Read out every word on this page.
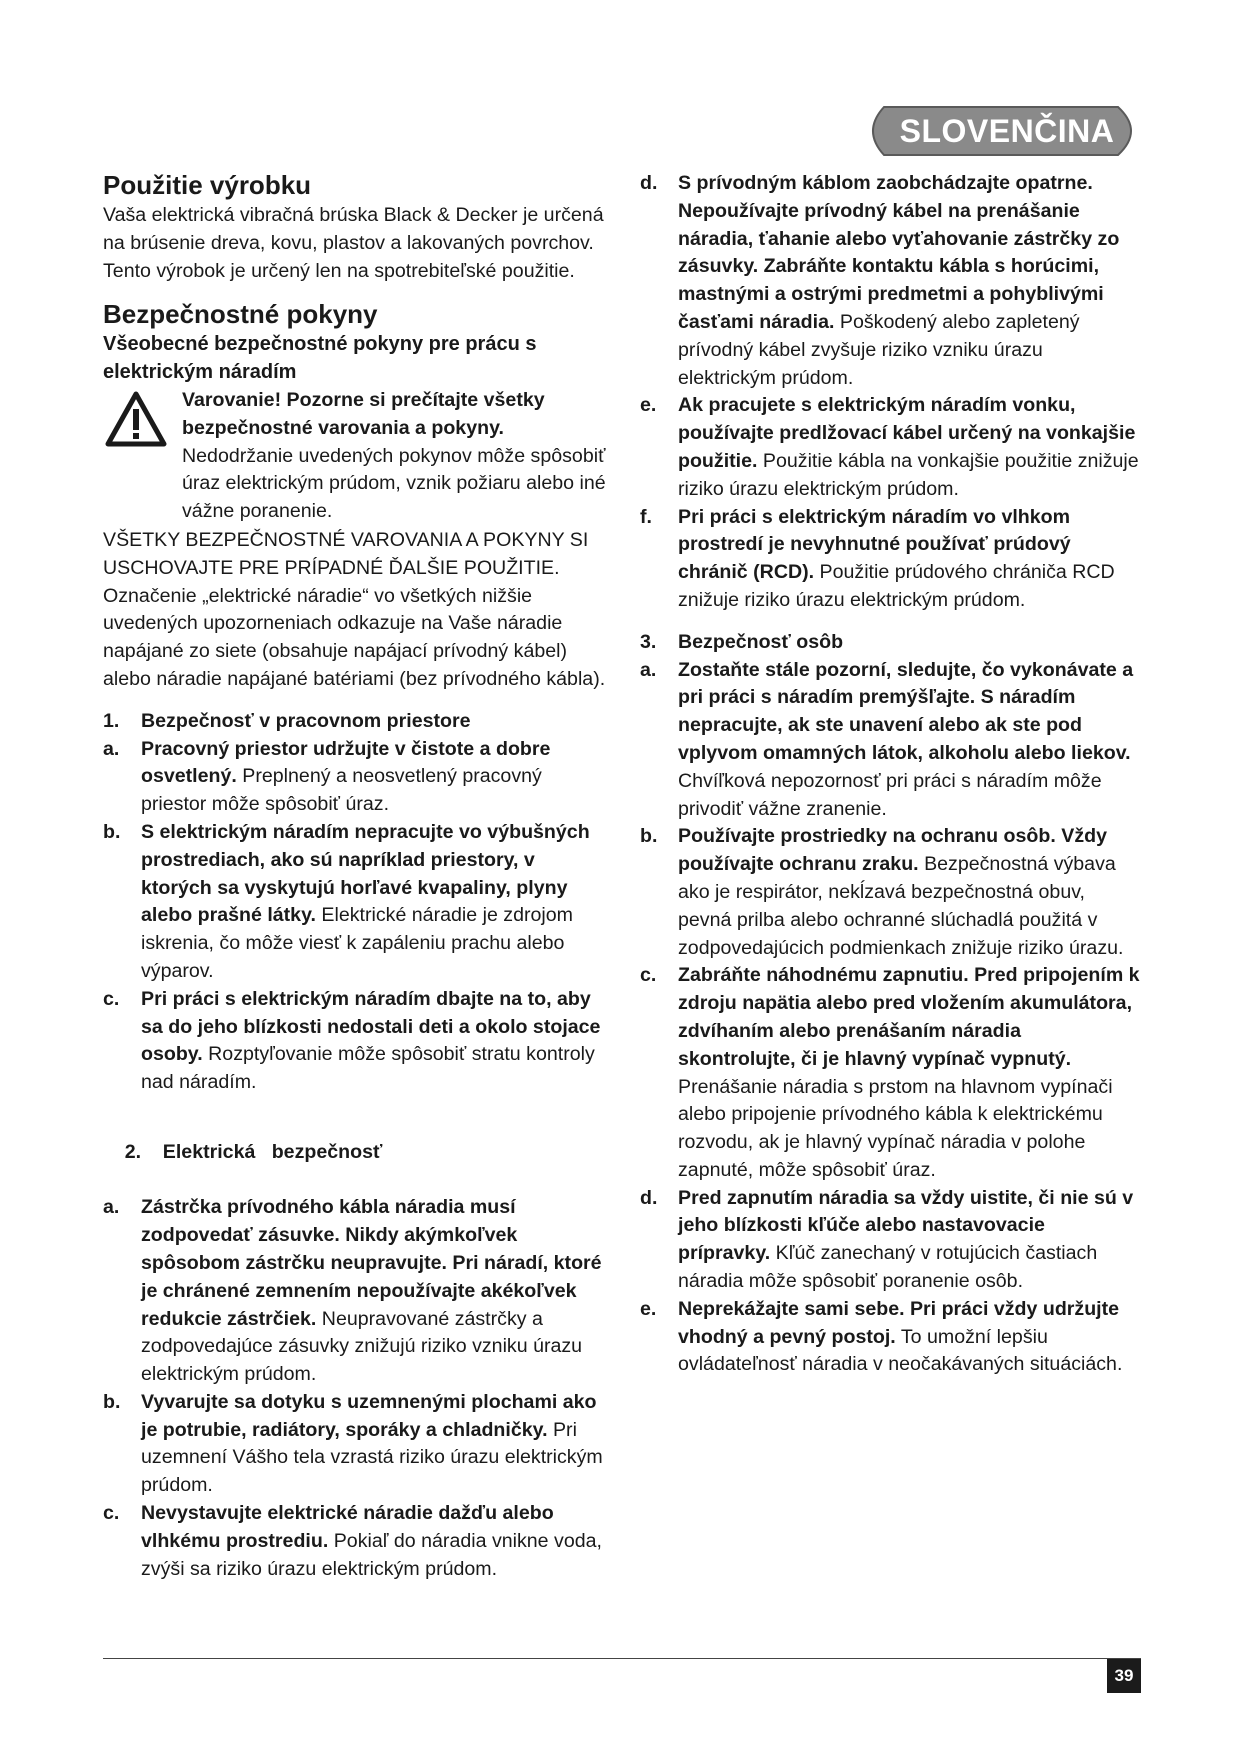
SLOVENČINA
Použitie výrobku

Vaša elektrická vibračná brúska Black & Decker je určená na brúsenie dreva, kovu, plastov a lakovaných povrchov. Tento výrobok je určený len na spotrebiteľské použitie.

Bezpečnostné pokyny

Všeobecné bezpečnostné pokyny pre prácu s elektrickým náradím

Varovanie! Pozorne si prečítajte všetky bezpečnostné varovania a pokyny.

Nedodržanie uvedených pokynov môže spôsobiť úraz elektrickým prúdom, vznik požiaru alebo iné vážne poranenie.

VŠETKY BEZPEČNOSTNÉ VAROVANIA A POKYNY SI USCHOVAJTE PRE PRÍPADNÉ ĎALŠIE POUŽITIE.

Označenie „elektrické náradie“ vo všetkých nižšie uvedených upozorneniach odkazuje na Vaše náradie napájané zo siete (obsahuje napájací prívodný kábel) alebo náradie napájané batériami (bez prívodného kábla).

1. Bezpečnosť v pracovnom priestore
a. Pracovný priestor udržujte v čistote a dobre osvetlený. Preplnený a neosvetlený pracovný priestor môže spôsobiť úraz.
b. S elektrickým náradím nepracujte vo výbušných prostrediach, ako sú napríklad priestory, v ktorých sa vyskytujú horľavé kvapaliny, plyny alebo prašné látky. Elektrické náradie je zdrojom iskrenia, čo môže viesť k zapáleniu prachu alebo výparov.
c. Pri práci s elektrickým náradím dbajte na to, aby sa do jeho blízkosti nedostali deti a okolo stojace osoby. Rozptyľovanie môže spôsobiť stratu kontroly nad náradím.

2. Elektrická   bezpečnosť

a. Zástrčka prívodného kábla náradia musí zodpovedať zásuvke. Nikdy akýmkoľvek spôsobom zástrčku neupravujte. Pri náradí, ktoré je chránené zemnením nepoužívajte akékoľvek redukcie zástrčiek. Neupravované zástrčky a zodpovedajúce zásuvky znižujú riziko vzniku úrazu elektrickým prúdom.
b. Vyvarujte sa dotyku s uzemnenými plochami ako je potrubie, radiátory, sporáky a chladničky. Pri uzemnení Vášho tela vzrastá riziko úrazu elektrickým prúdom.
c. Nevystavujte elektrické náradie dažďu alebo vlhkému prostrediu. Pokiaľ do náradia vnikne voda, zvýši sa riziko úrazu elektrickým prúdom.
d. S prívodným káblom zaobchádzajte opatrne. Nepoužívajte prívodný kábel na prenášanie náradia, ťahanie alebo vyťahovanie zástrčky zo zásuvky. Zabráňte kontaktu kábla s horúcimi, mastnými a ostrými predmetmi a pohyblivými časťami náradia. Poškodený alebo zapletený prívodný kábel zvyšuje riziko vzniku úrazu elektrickým prúdom.
e. Ak pracujete s elektrickým náradím vonku, používajte predlžovací kábel určený na vonkajšie použitie. Použitie kábla na vonkajšie použitie znižuje riziko úrazu elektrickým prúdom.
f. Pri práci s elektrickým náradím vo vlhkom prostredí je nevyhnutné používať prúdový chránič (RCD). Použitie prúdového chrániča RCD znižuje riziko úrazu elektrickým prúdom.
3. Bezpečnosť osôb
a. Zostaňte stále pozorní, sledujte, čo vykonávate a pri práci s náradím premýšľajte. S náradím nepracujte, ak ste unavení alebo ak ste pod vplyvom omamných látok, alkoholu alebo liekov. Chvíľková nepozornosť pri práci s náradím môže privodiť vážne zranenie.
b. Používajte prostriedky na ochranu osôb. Vždy používajte ochranu zraku. Bezpečnostná výbava ako je respirátor, nekĺzavá bezpečnostná obuv, pevná prilba alebo ochranné slúchadlá použitá v zodpovedajúcich podmienkach znižuje riziko úrazu.
c. Zabráňte náhodnému zapnutiu. Pred pripojením k zdroju napätia alebo pred vložením akumulátora, zdvíhaním alebo prenášaním náradia skontrolujte, či je hlavný vypínač vypnutý. Prenášanie náradia s prstom na hlavnom vypínači alebo pripojenie prívodného kábla k elektrickému rozvodu, ak je hlavný vypínač náradia v polohe zapnuté, môže spôsobiť úraz.
d. Pred zapnutím náradia sa vždy uistite, či nie sú v jeho blízkosti kľúče alebo nastavovacie prípravky. Kľúč zanechaný v rotujúcich častiach náradia môže spôsobiť poranenie osôb.
e. Neprekážajte sami sebe. Pri práci vždy udržujte vhodný a pevný postoj. To umožní lepšiu ovládateľnosť náradia v neočakávaných situáciách.
39
